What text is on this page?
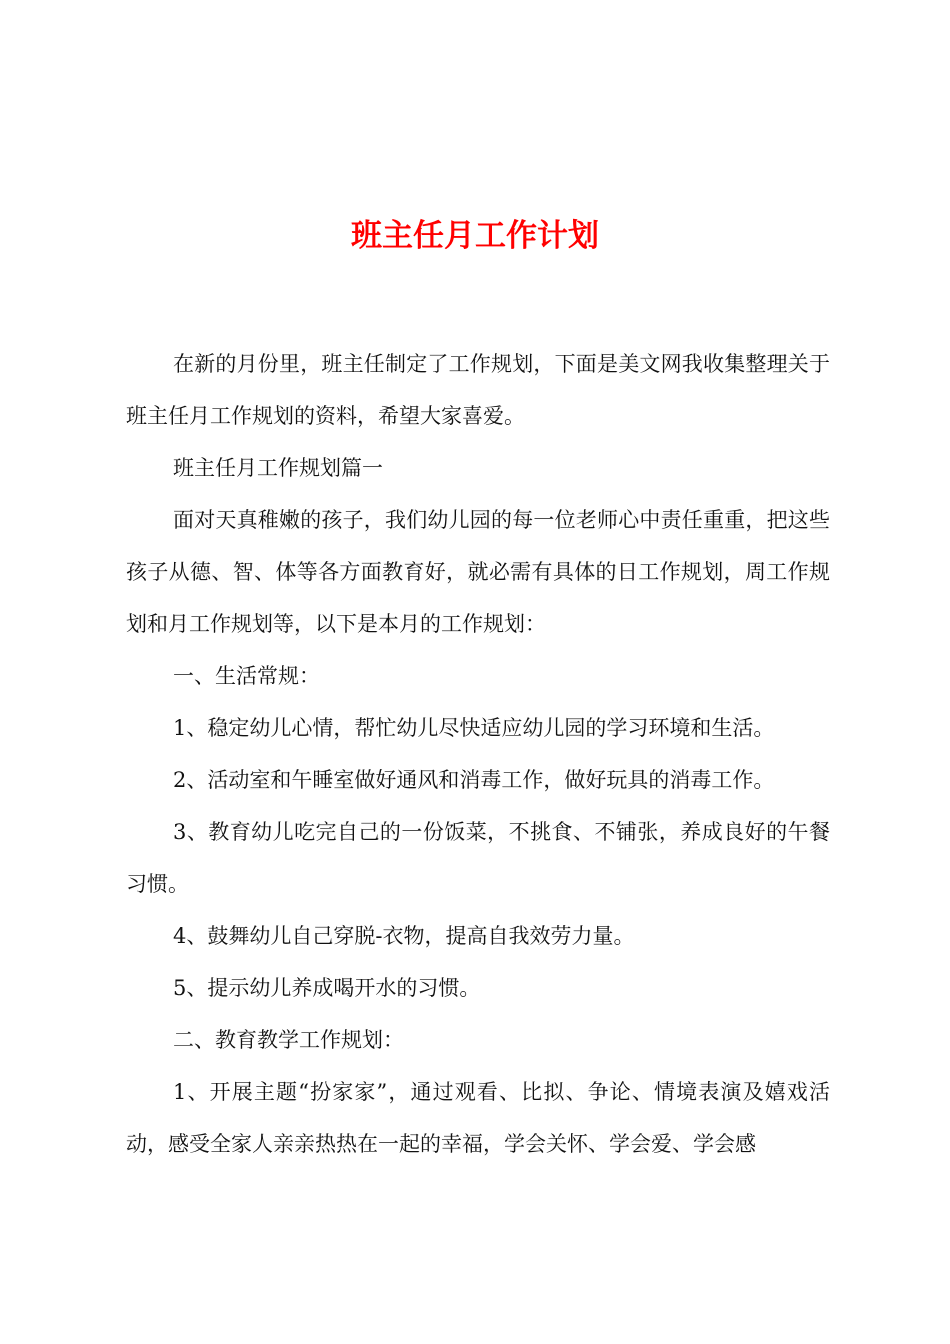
班主任月工作计划

在新的月份里，班主任制定了工作规划，下面是美文网我收集整理关于班主任月工作规划的资料，希望大家喜爱。

班主任月工作规划篇一

面对天真稚嫩的孩子，我们幼儿园的每一位老师心中责任重重，把这些孩子从德、智、体等各方面教育好，就必需有具体的日工作规划，周工作规划和月工作规划等，以下是本月的工作规划：

一、生活常规：

1、稳定幼儿心情，帮忙幼儿尽快适应幼儿园的学习环境和生活。

2、活动室和午睡室做好通风和消毒工作，做好玩具的消毒工作。

3、教育幼儿吃完自己的一份饭菜，不挑食、不铺张，养成良好的午餐习惯。

4、鼓舞幼儿自己穿脱-衣物，提高自我效劳力量。

5、提示幼儿养成喝开水的习惯。

二、教育教学工作规划：

1、开展主题“扮家家”，通过观看、比拟、争论、情境表演及嬉戏活动，感受全家人亲亲热热在一起的幸福，学会关怀、学会爱、学会感
